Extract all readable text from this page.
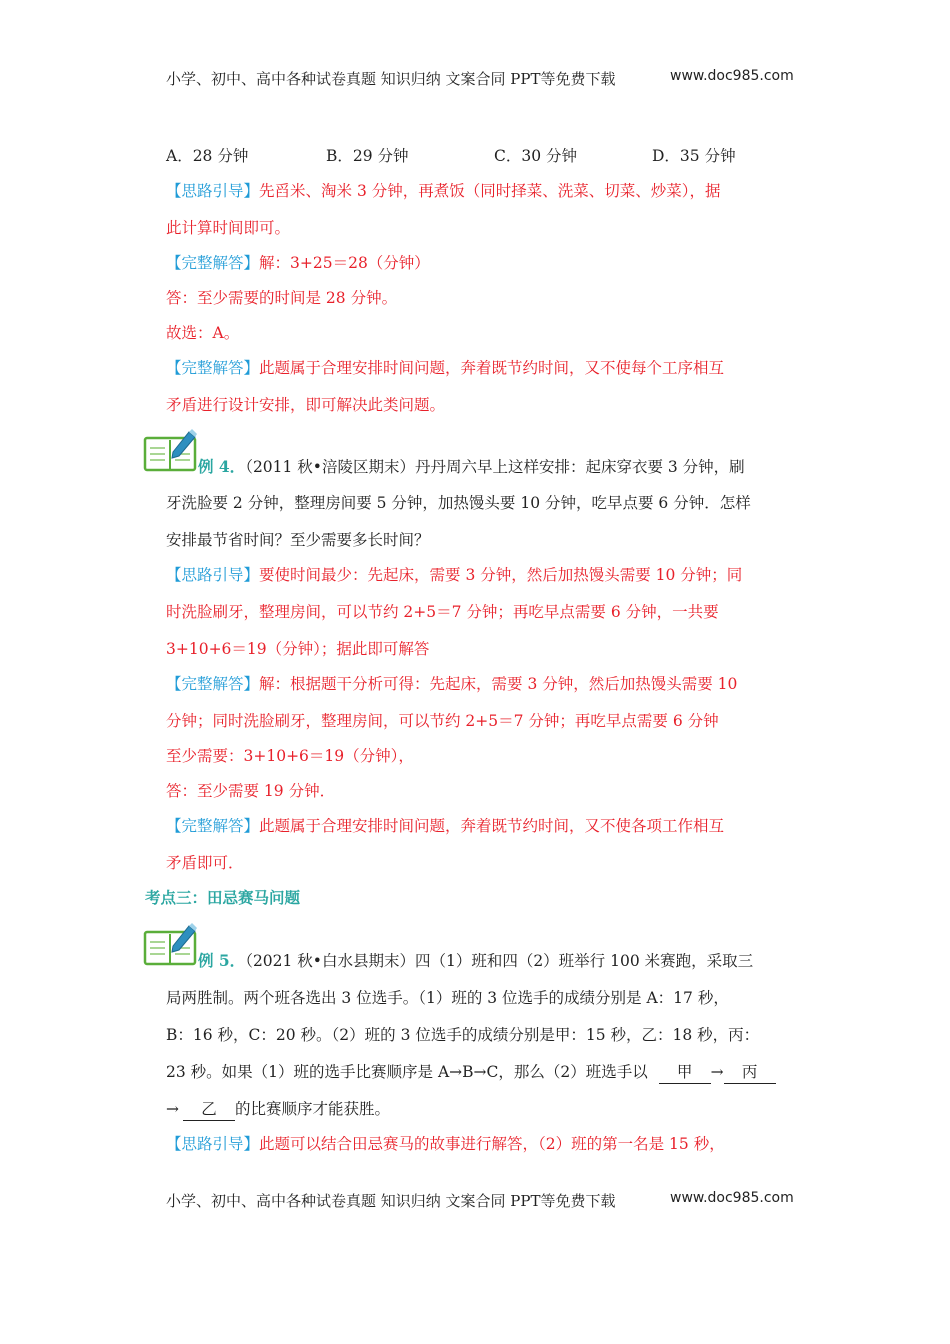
小学、初中、高中各种试卷真题 知识归纳 文案合同 PPT等免费下载	www.doc985.com
A．28 分钟	B．29 分钟	C．30 分钟	D．35 分钟
【思路引导】先舀米、淘米 3 分钟，再煮饭（同时择菜、洗菜、切菜、炒菜），据
此计算时间即可。
【完整解答】解：3+25＝28（分钟）
答：至少需要的时间是 28 分钟。
故选：A。
【完整解答】此题属于合理安排时间问题，奔着既节约时间，又不使每个工序相互
矛盾进行设计安排，即可解决此类问题。
例 4．（2011 秋•涪陵区期末）丹丹周六早上这样安排：起床穿衣要 3 分钟，刷
牙洗脸要 2 分钟，整理房间要 5 分钟，加热馒头要 10 分钟，吃早点要 6 分钟．怎样
安排最节省时间？至少需要多长时间？
【思路引导】要使时间最少：先起床，需要 3 分钟，然后加热馒头需要 10 分钟；同
时洗脸刷牙，整理房间，可以节约 2+5＝7 分钟；再吃早点需要 6 分钟，一共要
3+10+6＝19（分钟）；据此即可解答
【完整解答】解：根据题干分析可得：先起床，需要 3 分钟，然后加热馒头需要 10
分钟；同时洗脸刷牙，整理房间，可以节约 2+5＝7 分钟；再吃早点需要 6 分钟
至少需要：3+10+6＝19（分钟），
答：至少需要 19 分钟．
【完整解答】此题属于合理安排时间问题，奔着既节约时间，又不使各项工作相互
矛盾即可．
考点三：田忌赛马问题
例 5．（2021 秋•白水县期末）四（1）班和四（2）班举行 100 米赛跑，采取三
局两胜制。两个班各选出 3 位选手。（1）班的 3 位选手的成绩分别是 A：17 秒，
B：16 秒，C：20 秒。（2）班的 3 位选手的成绩分别是甲：15 秒，乙：18 秒，丙：
23 秒。如果（1）班的选手比赛顺序是 A→B→C，那么（2）班选手以 甲 → 丙
→ 乙 的比赛顺序才能获胜。
【思路引导】此题可以结合田忌赛马的故事进行解答，（2）班的第一名是 15 秒，
小学、初中、高中各种试卷真题 知识归纳 文案合同 PPT等免费下载	www.doc985.com
